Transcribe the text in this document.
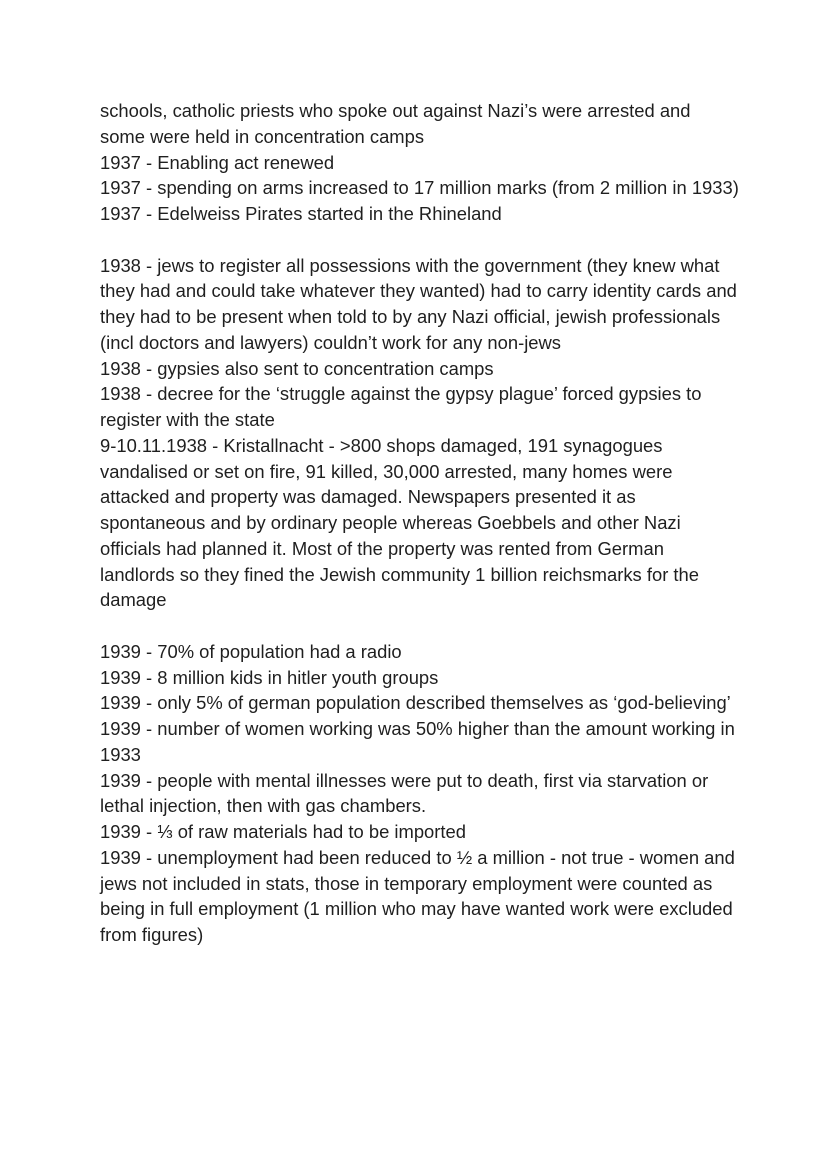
schools, catholic priests who spoke out against Nazi’s were arrested and some were held in concentration camps

1937 - Enabling act renewed

1937 - spending on arms increased to 17 million marks (from 2 million in 1933)

1937 - Edelweiss Pirates started in the Rhineland

1938 - jews to register all possessions with the government (they knew what they had and could take whatever they wanted) had to carry identity cards and they had to be present when told to by any Nazi official, jewish professionals (incl doctors and lawyers) couldn’t work for any non-jews

1938 - gypsies also sent to concentration camps

1938 - decree for the ‘struggle against the gypsy plague’ forced gypsies to register with the state

9-10.11.1938 - Kristallnacht - >800 shops damaged, 191 synagogues vandalised or set on fire, 91 killed, 30,000 arrested, many homes were attacked and property was damaged. Newspapers presented it as spontaneous and by ordinary people whereas Goebbels and other Nazi officials had planned it. Most of the property was rented from German landlords so they fined the Jewish community 1 billion reichsmarks for the damage

1939 - 70% of population had a radio

1939 - 8 million kids in hitler youth groups

1939 - only 5% of german population described themselves as ‘god-believing’

1939 - number of women working was 50% higher than the amount working in 1933

1939 - people with mental illnesses were put to death, first via starvation or lethal injection, then with gas chambers.

1939 - ⅓ of raw materials had to be imported

1939 - unemployment had been reduced to ½ a million - not true - women and jews not included in stats, those in temporary employment were counted as being in full employment (1 million who may have wanted work were excluded from figures)
